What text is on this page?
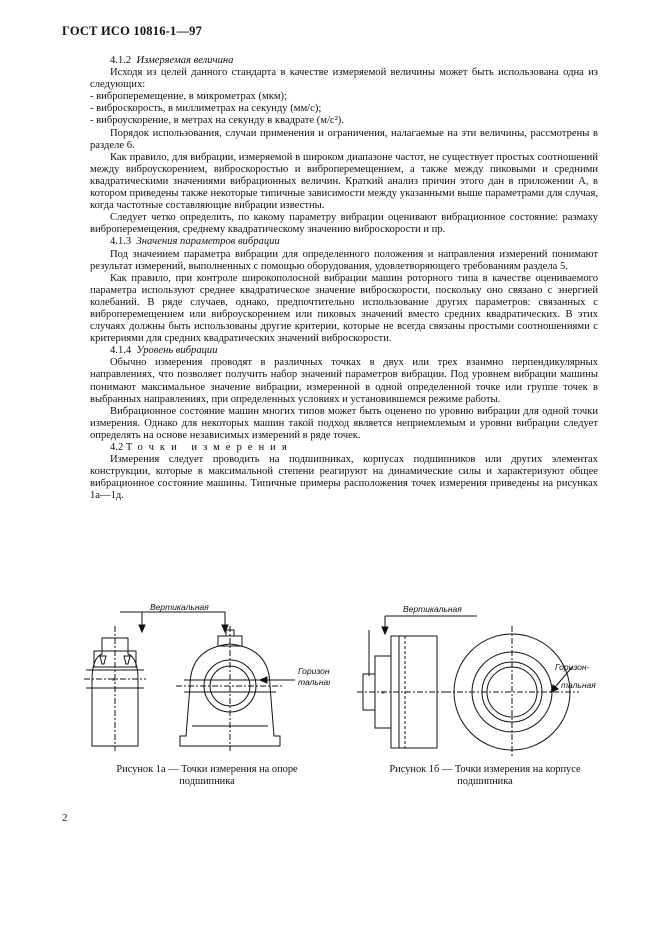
ГОСТ ИСО 10816-1—97

4.1.2 Измеряемая величина

Исходя из целей данного стандарта в качестве измеряемой величины может быть использована одна из следующих:

- виброперемещение, в микрометрах (мкм);

- виброскорость, в миллиметрах на секунду (мм/с);

- виброускорение, в метрах на секунду в квадрате (м/с²).

Порядок использования, случаи применения и ограничения, налагаемые на эти величины, рассмотрены в разделе 6.

Как правило, для вибрации, измеряемой в широком диапазоне частот, не существует простых соотношений между виброускорением, виброскоростью и виброперемещением, а также между пиковыми и средними квадратическими значениями вибрационных величин. Краткий анализ причин этого дан в приложении А, в котором приведены также некоторые типичные зависимости между указанными выше параметрами для случая, когда частотные составляющие вибрации известны.

Следует четко определить, по какому параметру вибрации оценивают вибрационное состояние: размаху виброперемещения, среднему квадратическому значению виброскорости и пр.

4.1.3 Значения параметров вибрации

Под значением параметра вибрации для определенного положения и направления измерений понимают результат измерений, выполненных с помощью оборудования, удовлетворяющего требованиям раздела 5.

Как правило, при контроле широкополосной вибрации машин роторного типа в качестве оцениваемого параметра используют среднее квадратическое значение виброскорости, поскольку оно связано с энергией колебаний. В ряде случаев, однако, предпочтительно использование других параметров: связанных с виброперемещением или виброускорением или пиковых значений вместо средних квадратических. В этих случаях должны быть использованы другие критерии, которые не всегда связаны простыми соотношениями с критериями для средних квадратических значений виброскорости.

4.1.4 Уровень вибрации

Обычно измерения проводят в различных точках в двух или трех взаимно перпендикулярных направлениях, что позволяет получить набор значений параметров вибрации. Под уровнем вибрации машины понимают максимальное значение вибрации, измеренной в одной определенной точке или группе точек в выбранных направлениях, при определенных условиях и установившемся режиме работы.

Вибрационное состояние машин многих типов может быть оценено по уровню вибрации для одной точки измерения. Однако для некоторых машин такой подход является неприемлемым и уровни вибрации следует определять на основе независимых измерений в ряде точек.

4.2 Точки измерения

Измерения следует проводить на подшипниках, корпусах подшипников или других элементах конструкции, которые в максимальной степени реагируют на динамические силы и характеризуют общее вибрационное состояние машины. Типичные примеры расположения точек измерения приведены на рисунках 1а—1д.

Вертикальная
×
Горизон-
тальная
Рисунок 1а — Точки измерения на опоре
подшипника
Вертикальная
×
Горизон-
тальная
Рисунок 1б — Точки измерения на корпусе
подшипника
2
